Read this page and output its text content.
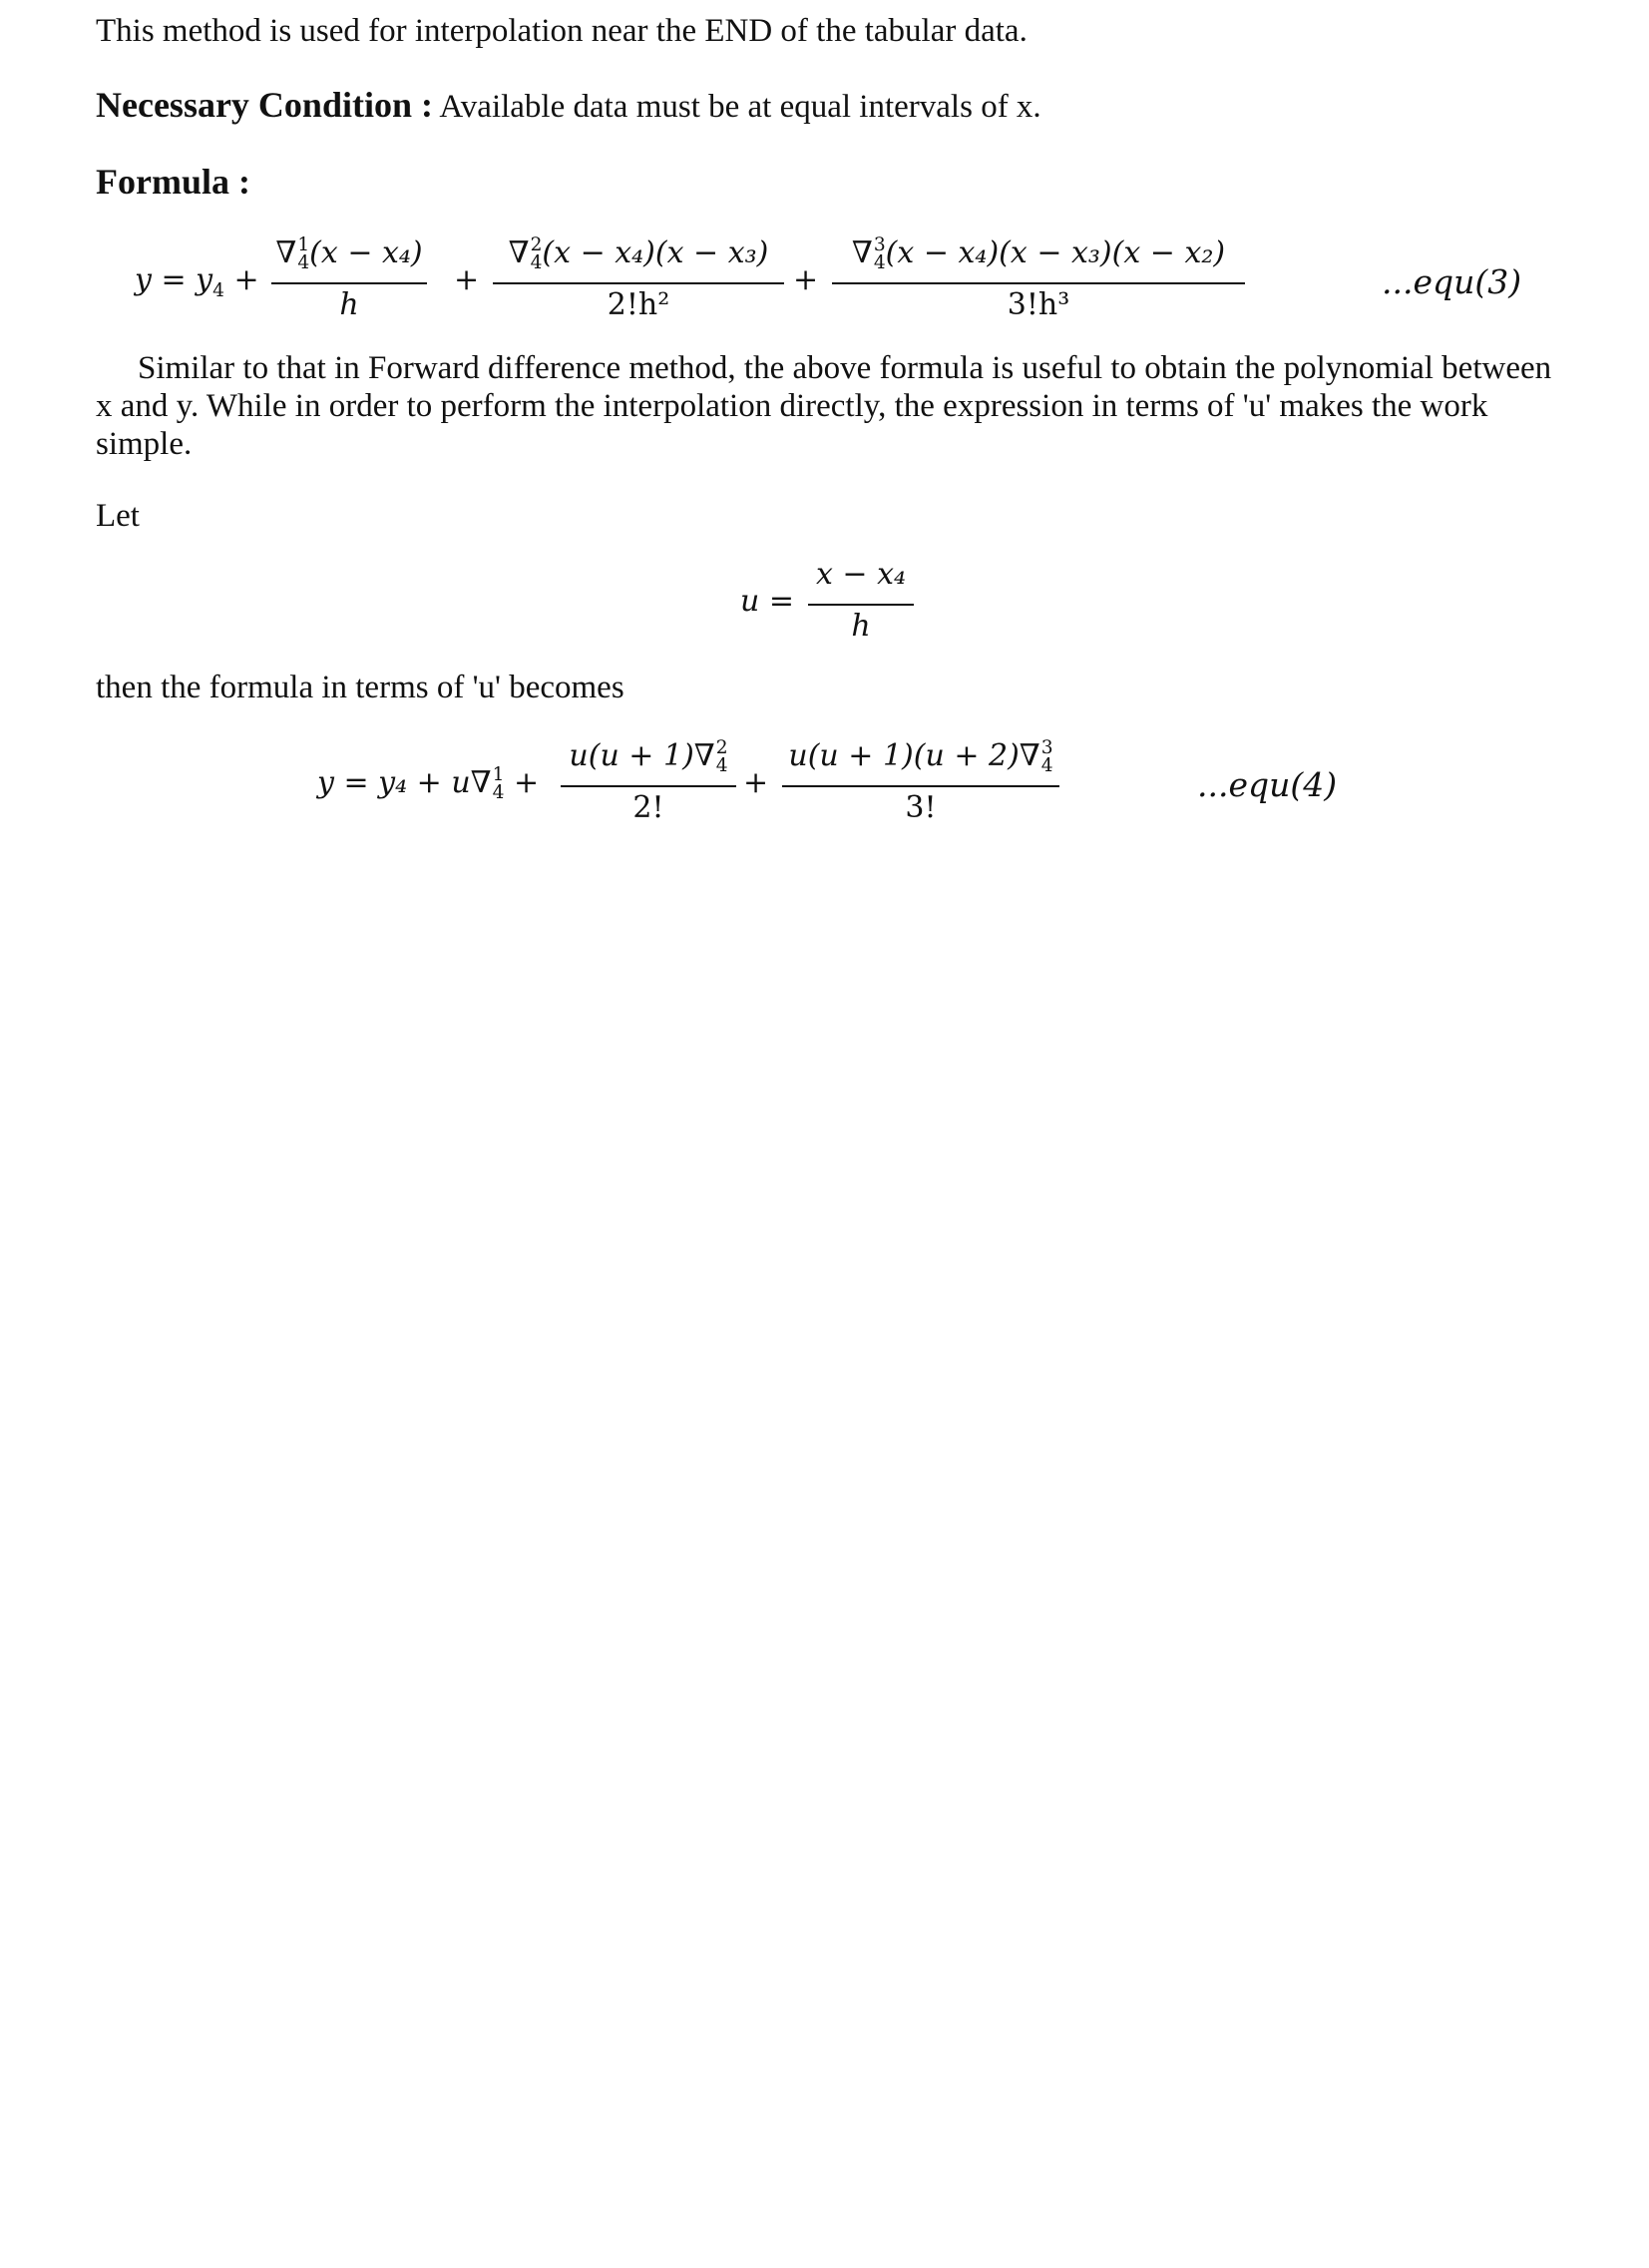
This method is used for interpolation near the END of the tabular data.
Necessary Condition : Available data must be at equal intervals of x.
Formula :
$y = y_4$ +
∇ 1
4 (x − x₄)
h
+
∇ 2
4 (x − x₄)(x − x₃)
2!h²
+
∇ 3
4 (x − x₄)(x − x₃)(x − x₂)
3!h³
...equ(3)
Similar to that in Forward difference method, the above formula is useful to obtain the polynomial between x and y. While in order to perform the interpolation directly, the expression in terms of 'u' makes the work simple.
Let
u =
x − x₄
h
then the formula in terms of 'u' becomes
y = y₄ + u∇ 1
4 +
u(u + 1)∇ 2
4
2!
+
u(u + 1)(u + 2)∇ 3
4
3!
...equ(4)
